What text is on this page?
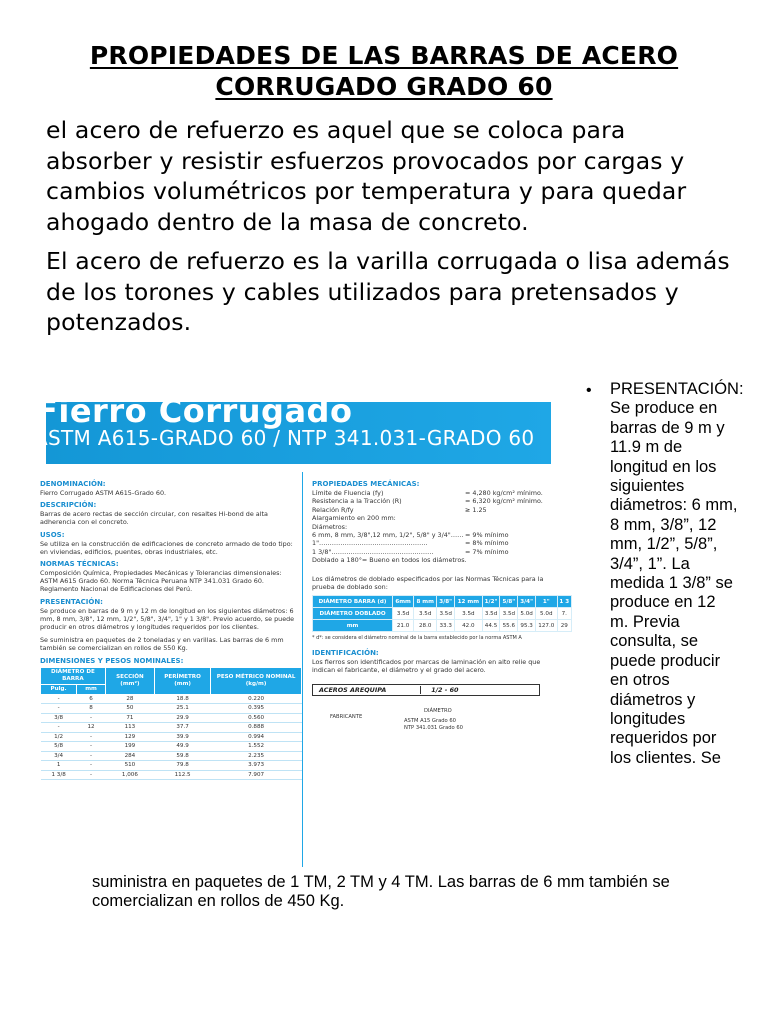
PROPIEDADES DE LAS BARRAS DE ACERO CORRUGADO GRADO 60
el acero de refuerzo es aquel que se coloca para absorber y resistir esfuerzos provocados por cargas y cambios volumétricos por temperatura y para quedar ahogado dentro de la masa de concreto.
El acero de refuerzo es la varilla corrugada o lisa además de los torones y cables utilizados para pretensados y potenzados.
Fierro Corrugado
ASTM A615-GRADO 60 / NTP 341.031-GRADO 60
DENOMINACIÓN:
Fierro Corrugado ASTM A615-Grado 60.
DESCRIPCIÓN:
Barras de acero rectas de sección circular, con resaltes Hi-bond de alta adherencia con el concreto.
USOS:
Se utiliza en la construcción de edificaciones de concreto armado de todo tipo: en viviendas, edificios, puentes, obras industriales, etc.
NORMAS TÉCNICAS:
Composición Química, Propiedades Mecánicas y Tolerancias dimensionales: ASTM A615 Grado 60. Norma Técnica Peruana NTP 341.031 Grado 60. Reglamento Nacional de Edificaciones del Perú.
PRESENTACIÓN:
Se produce en barras de 9 m y 12 m de longitud en los siguientes diámetros: 6 mm, 8 mm, 3/8", 12 mm, 1/2", 5/8", 3/4", 1" y 1 3/8". Previo acuerdo, se puede producir en otros diámetros y longitudes requeridos por los clientes.
Se suministra en paquetes de 2 toneladas y en varillas. Las barras de 6 mm también se comercializan en rollos de 550 Kg.
DIMENSIONES Y PESOS NOMINALES:
DIÁMETRO DE BARRA		SECCIÓN (mm²)	PERÍMETRO (mm)	PESO MÉTRICO NOMINAL (kg/m)
Pulg.	mm			
-	6	28	18.8	0.220
-	8	50	25.1	0.395
3/8	-	71	29.9	0.560
-	12	113	37.7	0.888
1/2	-	129	39.9	0.994
5/8	-	199	49.9	1.552
3/4	-	284	59.8	2.235
1	-	510	79.8	3.973
1 3/8	-	1,006	112.5	7.907
PROPIEDADES MECÁNICAS:
Límite de Fluencia (fy)	= 4,280 kg/cm² mínimo.
Resistencia a la Tracción (R)	= 6,320 kg/cm² mínimo.
Relación R/fy	≥ 1.25
Alargamiento en 200 mm:
Diámetros:
6 mm, 8 mm, 3/8",12 mm, 1/2", 5/8" y 3/4"…… = 9% mínimo
1"……………………………………………	= 8% mínimo
1 3/8"…………………………………………	= 7% mínimo
Doblado a 180°= Bueno en todos los diámetros.
Los diámetros de doblado especificados por las Normas Técnicas para la prueba de doblado son:
DIÁMETRO BARRA (d)	6mm	8 mm	3/8"	12 mm	1/2"	5/8"	3/4"	1"	1 3
DIÁMETRO DOBLADO	3.5d	3.5d	3.5d	3.5d	3.5d	3.5d	5.0d	5.0d	7.
mm	21.0	28.0	33.3	42.0	44.5	55.6	95.3	127.0	29
* d*: se considera el diámetro nominal de la barra establecido por la norma ASTM A
IDENTIFICACIÓN:
Los fierros son identificados por marcas de laminación en alto relie que indican el fabricante, el diámetro y el grado del acero.
ACEROS AREQUIPA	1/2 - 60
FABRICANTE
DIÁMETRO
ASTM A15 Grado 60
NTP 341.031 Grado 60
• PRESENTACIÓN: Se produce en barras de 9 m y 11.9 m de longitud en los siguientes diámetros: 6 mm, 8 mm, 3/8”, 12 mm, 1/2”, 5/8”, 3/4”, 1”. La medida 1 3/8” se produce en 12 m. Previa consulta, se puede producir en otros diámetros y longitudes requeridos por los clientes. Se
suministra en paquetes de 1 TM, 2 TM y 4 TM. Las barras de 6 mm también se comercializan en rollos de 450 Kg.
